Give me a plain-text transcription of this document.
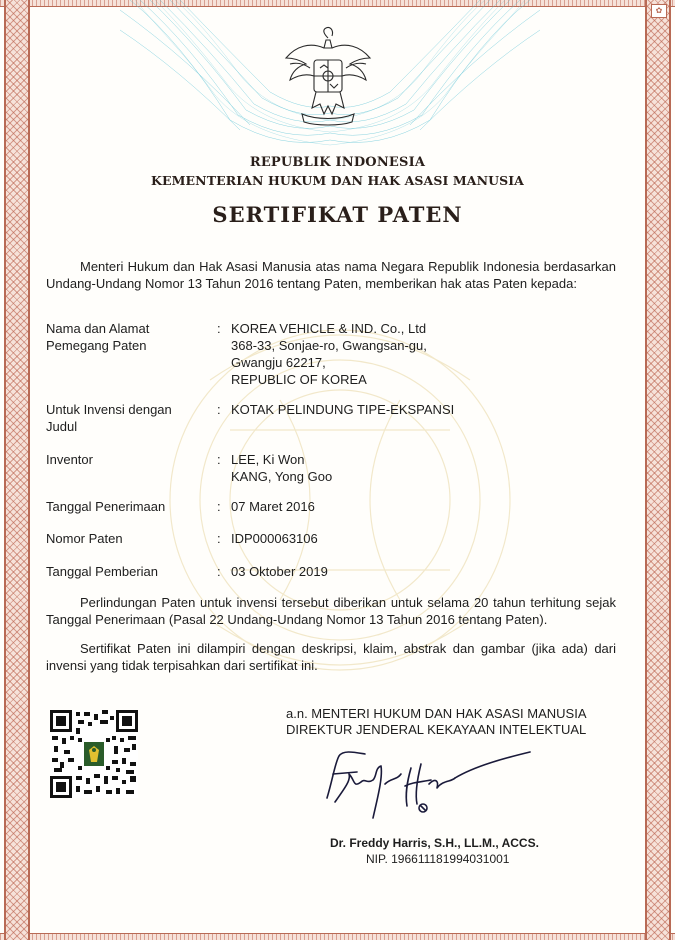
✿
REPUBLIK INDONESIA
KEMENTERIAN HUKUM DAN HAK ASASI MANUSIA
SERTIFIKAT PATEN
Menteri Hukum dan Hak Asasi Manusia atas nama Negara Republik Indonesia berdasarkan Undang-Undang Nomor 13 Tahun 2016 tentang Paten, memberikan hak atas Paten kepada:
Nama dan Alamat
Pemegang Paten
: KOREA VEHICLE & IND. Co., Ltd
368-33, Sonjae-ro, Gwangsan-gu,
Gwangju 62217,
REPUBLIC OF KOREA
Untuk Invensi dengan
Judul
: KOTAK PELINDUNG TIPE-EKSPANSI
Inventor	: LEE, Ki Won
KANG, Yong Goo
Tanggal Penerimaan	: 07 Maret 2016
Nomor Paten	: IDP000063106
Tanggal Pemberian	: 03 Oktober 2019
Perlindungan Paten untuk invensi tersebut diberikan untuk selama 20 tahun terhitung sejak Tanggal Penerimaan (Pasal 22 Undang-Undang Nomor 13 Tahun 2016 tentang Paten).
Sertifikat Paten ini dilampiri dengan deskripsi, klaim, abstrak dan gambar (jika ada) dari invensi yang tidak terpisahkan dari sertifikat ini.
a.n. MENTERI HUKUM DAN HAK ASASI MANUSIA
DIREKTUR JENDERAL KEKAYAAN INTELEKTUAL
Dr. Freddy Harris, S.H., LL.M., ACCS.
NIP. 196611181994031001
